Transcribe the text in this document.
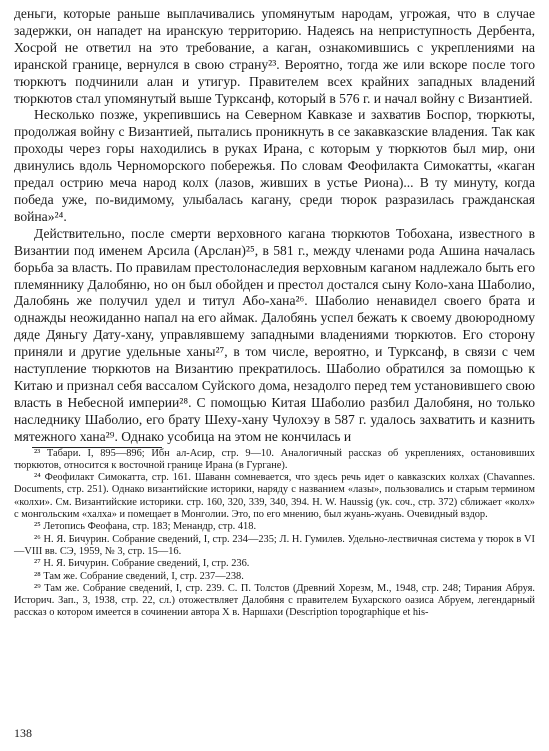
деньги, которые раньше выплачивались упомянутым народам, угрожая, что в случае задержки, он нападет на иранскую территорию. Надеясь на неприступность Дербента, Хосрой не ответил на это требование, а каган, ознакомившись с укреплениями на иранской границе, вернулся в свою страну²³. Вероятно, тогда же или вскоре после того тюркютъ подчинили алан и утигур. Правителем всех крайних западных владений тюркютов стал упомянутый выше Турксанф, который в 576 г. и начал войну с Византией.

Несколько позже, укрепившись на Северном Кавказе и захватив Боспор, тюркюты, продолжая войну с Византией, пытались проникнуть в се закавказские владения. Так как проходы через горы находились в руках Ирана, с которым у тюркютов был мир, они двинулись вдоль Черноморского побережья. По словам Феофилакта Симокатты, «каган предал острию меча народ колх (лазов, живших в устье Риона)... В ту минуту, когда победа уже, по-видимому, улыбалась кагану, среди тюрок разразилась гражданская война»²⁴.

Действительно, после смерти верховного кагана тюркютов Тобохана, известного в Византии под именем Арсила (Арслан)²⁵, в 581 г., между членами рода Ашина началась борьба за власть. По правилам престолонаследия верховным каганом надлежало быть его племяннику Далобяню, но он был обойден и престол достался сыну Коло-хана Шаболио, Далобянь же получил удел и титул Або-хана²⁶. Шаболио ненавидел своего брата и однажды неожиданно напал на его аймак. Далобянь успел бежать к своему двоюродному дяде Дяньгу Дату-хану, управлявшему западными владениями тюркютов. Его сторону приняли и другие удельные ханы²⁷, в том числе, вероятно, и Турксанф, в связи с чем наступление тюркютов на Византию прекратилось. Шаболио обратился за помощью к Китаю и признал себя вассалом Суйского дома, незадолго перед тем установившего свою власть в Небесной империи²⁸. С помощью Китая Шаболио разбил Далобяня, но только наследнику Шаболио, его брату Шеху-хану Чулохэу в 587 г. удалось захватить и казнить мятежного хана²⁹. Однако усобица на этом не кончилась и

²³ Табари. I, 895—896; Ибн ал-Асир, стр. 9—10. Аналогичный рассказ об укреплениях, остановивших тюркютов, относится к восточной границе Ирана (в Гургане).

²⁴ Феофилакт Симокатта, стр. 161. Шаванн сомневается, что здесь речь идет о кавказских колхах (Chavannes. Documents, стр. 251). Однако византийские историки, наряду с названием «лазы», пользовались и старым термином «колхи». См. Византийские историки. стр. 160, 320, 339, 340, 394. H. W. Haussig (ук. соч., стр. 372) сближает «колх» с монгольским «халха» и помещает в Монголии. Это, по его мнению, был жуань-жуань. Очевидный вздор.

²⁵ Летопись Феофана, стр. 183; Менандр, стр. 418.

²⁶ Н. Я. Бичурин. Собрание сведений, I, стр. 234—235; Л. Н. Гумилев. Удельно-лествичная система у тюрок в VI—VIII вв. СЭ, 1959, № 3, стр. 15—16.

²⁷ Н. Я. Бичурин. Собрание сведений, I, стр. 236.

²⁸ Там же. Собрание сведений, I, стр. 237—238.

²⁹ Там же. Собрание сведений, I, стр. 239. С. П. Толстов (Древний Хорезм, М., 1948, стр. 248; Тирания Абруя. Историч. Зап., 3, 1938, стр. 22, сл.) отожествляет Далобяня с правителем Бухарского оазиса Абруем, легендарный рассказ о котором имеется в сочинении автора Х в. Наршахи (Description topographique et his-

138
